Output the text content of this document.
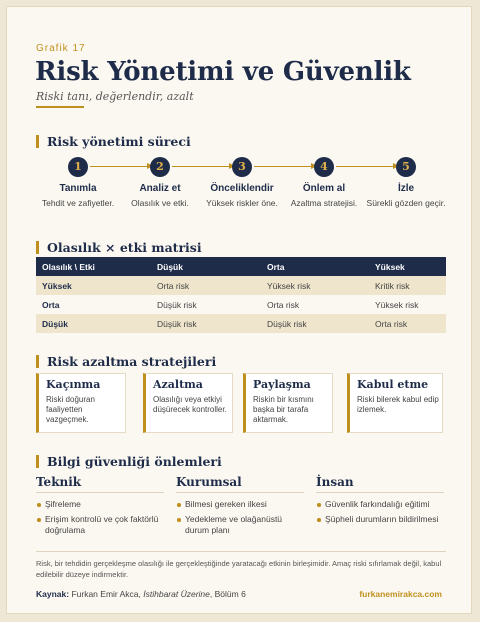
Grafik 17
Risk Yönetimi ve Güvenlik
Riski tanı, değerlendir, azalt
Risk yönetimi süreci
1
Tanımla
Tehdit ve zafiyetler.
2
Analiz et
Olasılık ve etki.
3
Önceliklendir
Yüksek riskler öne.
4
Önlem al
Azaltma stratejisi.
5
İzle
Sürekli gözden geçir.
Olasılık × etki matrisi
Olasılık \ Etki	Düşük	Orta	Yüksek
Yüksek	Orta risk	Yüksek risk	Kritik risk
Orta	Düşük risk	Orta risk	Yüksek risk
Düşük	Düşük risk	Düşük risk	Orta risk
Risk azaltma stratejileri
Kaçınma
Riski doğuran faaliyetten vazgeçmek.
Azaltma
Olasılığı veya etkiyi düşürecek kontroller.
Paylaşma
Riskin bir kısmını başka bir tarafa aktarmak.
Kabul etme
Riski bilerek kabul edip izlemek.
Bilgi güvenliği önlemleri
Teknik
Şifreleme
Erişim kontrolü ve çok faktörlü doğrulama
Kurumsal
Bilmesi gereken ilkesi
Yedekleme ve olağanüstü durum planı
İnsan
Güvenlik farkındalığı eğitimi
Şüpheli durumların bildirilmesi
Risk, bir tehdidin gerçekleşme olasılığı ile gerçekleştiğinde yaratacağı etkinin birleşimidir. Amaç riski sıfırlamak değil, kabul edilebilir düzeye indirmektir.
Kaynak: Furkan Emir Akca, İstihbarat Üzerine, Bölüm 6	furkanemirakca.com
